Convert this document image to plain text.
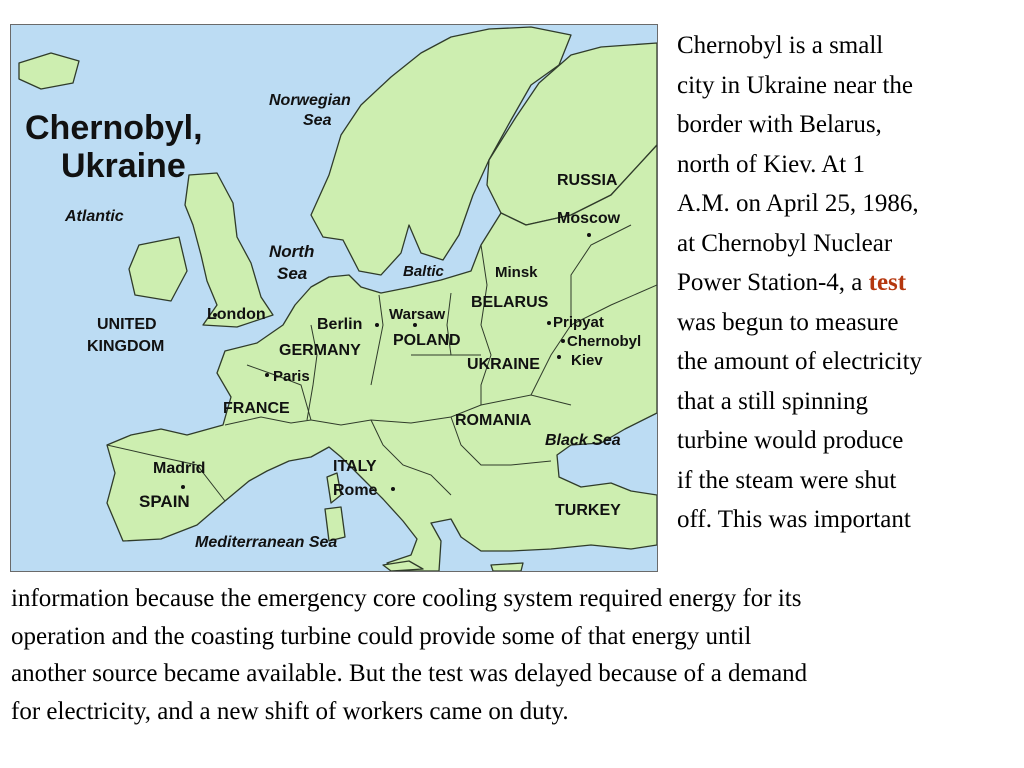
Chernobyl,
Ukraine
Norwegian
Sea
Atlantic
North
Sea	Baltic
RUSSIA
Moscow
Minsk
BELARUS
Warsaw	Pripyat
Chernobyl
Kiev
POLAND
UKRAINE
UNITED
KINGDOM
London
Berlin
GERMANY
Paris
FRANCE
ROMANIA
Black Sea
Madrid
SPAIN
ITALY
Rome
TURKEY
Mediterranean Sea
Chernobyl is a small
city in Ukraine near the
border with Belarus,
north of Kiev. At 1
A.M. on April 25, 1986,
at Chernobyl Nuclear
Power Station-4, a test
was begun to measure
the amount of electricity
that a still spinning
turbine would produce
if the steam were shut
off. This was important
information because the emergency core cooling system required energy for its
operation and the coasting turbine could provide some of that energy until
another source became available. But the test was delayed because of a demand
for electricity, and a new shift of workers came on duty.
